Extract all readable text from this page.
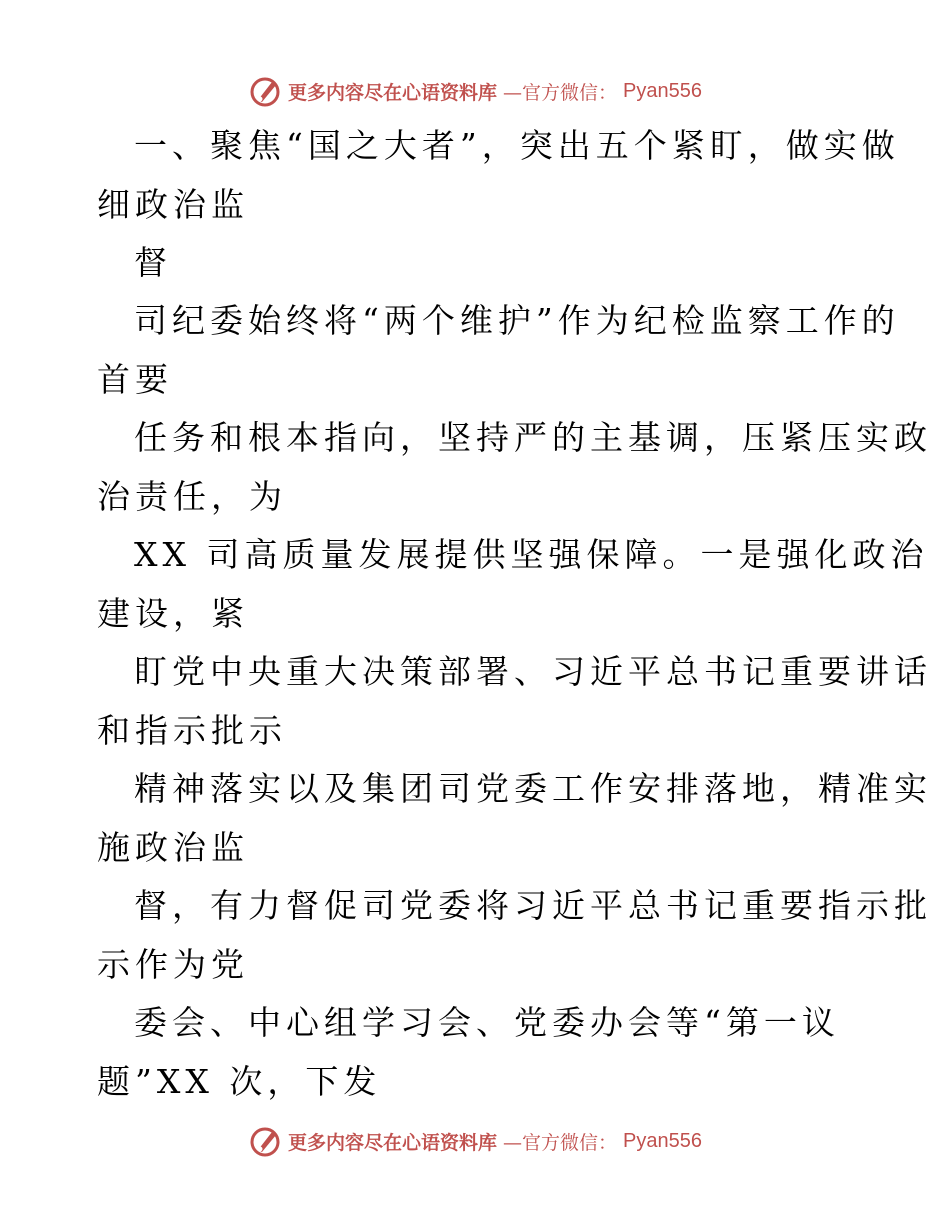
更多内容尽在心语资料库 —官方微信： Pyan556
一、聚焦“国之大者”，突出五个紧盯，做实做
细政治监
督
司纪委始终将“两个维护”作为纪检监察工作的
首要
任务和根本指向，坚持严的主基调，压紧压实政
治责任，为
XX 司高质量发展提供坚强保障。一是强化政治
建设，紧
盯党中央重大决策部署、习近平总书记重要讲话
和指示批示
精神落实以及集团司党委工作安排落地，精准实
施政治监
督，有力督促司党委将习近平总书记重要指示批
示作为党
委会、中心组学习会、党委办会等“第一议
题”XX 次，下发
更多内容尽在心语资料库 —官方微信： Pyan556
